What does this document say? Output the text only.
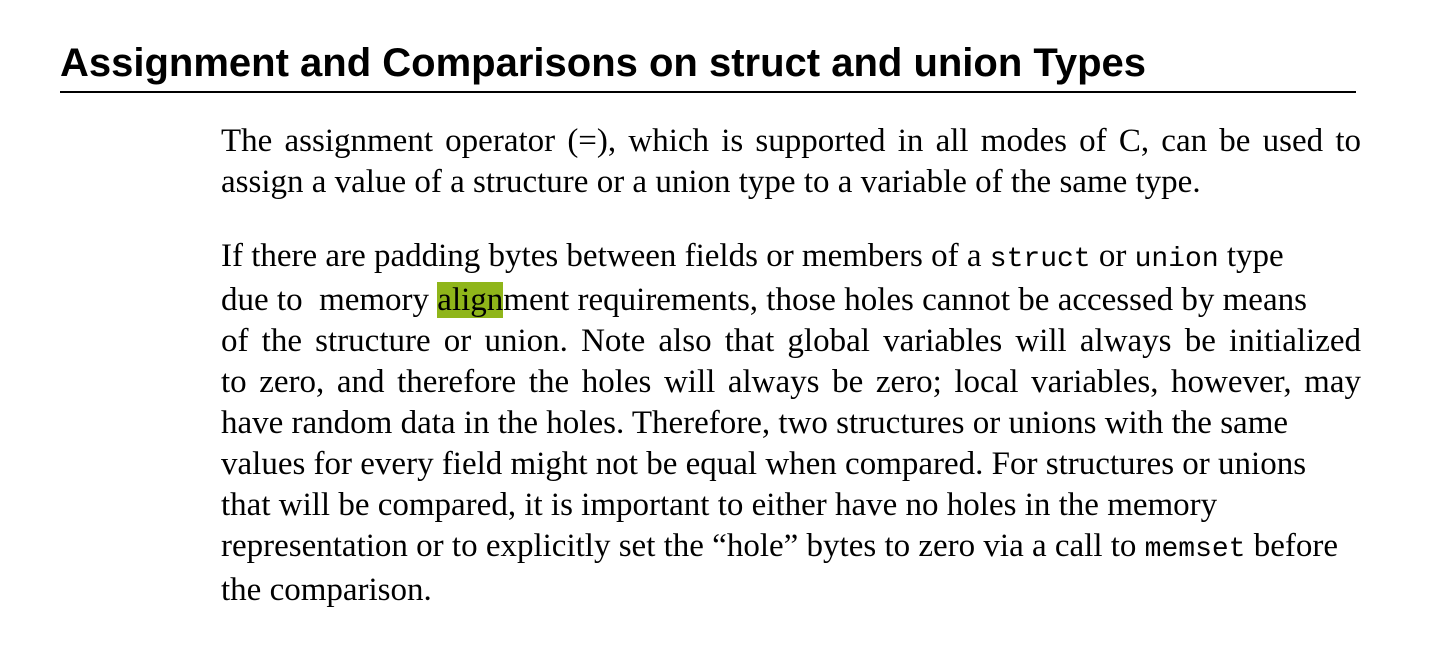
Assignment and Comparisons on struct and union Types

The assignment operator (=), which is supported in all modes of C, can be used to
assign a value of a structure or a union type to a variable of the same type.

If there are padding bytes between fields or members of a struct or union type
due to  memory alignment requirements, those holes cannot be accessed by means
of the structure or union. Note also that global variables will always be initialized
to zero, and therefore the holes will always be zero; local variables, however, may
have random data in the holes. Therefore, two structures or unions with the same
values for every field might not be equal when compared. For structures or unions
that will be compared, it is important to either have no holes in the memory
representation or to explicitly set the “hole” bytes to zero via a call to memset before
the comparison.
